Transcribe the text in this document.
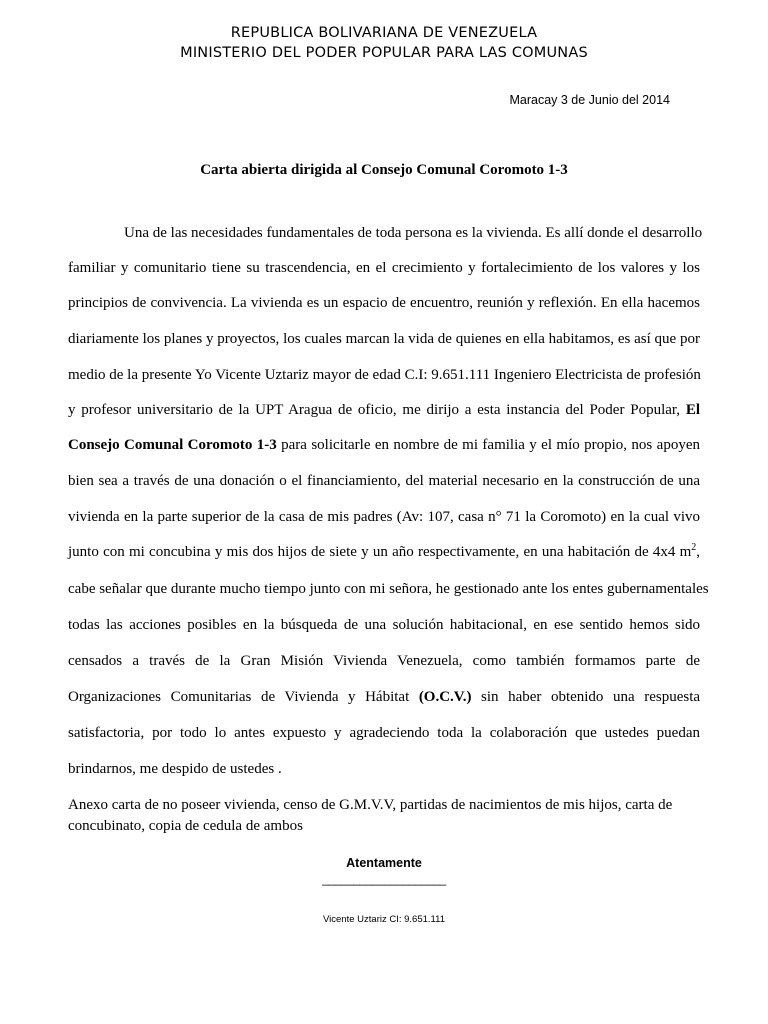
REPUBLICA BOLIVARIANA DE VENEZUELA
MINISTERIO DEL PODER POPULAR PARA LAS COMUNAS
Maracay 3 de Junio del 2014
Carta abierta dirigida al Consejo Comunal Coromoto 1-3
Una de las necesidades fundamentales de toda persona es la vivienda. Es allí donde el desarrollo
familiar y comunitario tiene su trascendencia, en el crecimiento y fortalecimiento de los valores y los
principios de convivencia. La vivienda es un espacio de encuentro, reunión y reflexión. En ella hacemos
diariamente los planes y proyectos, los cuales marcan la vida de quienes en ella habitamos, es así que por
medio de la presente Yo Vicente Uztariz mayor de edad C.I: 9.651.111 Ingeniero Electricista de profesión
y profesor universitario de la UPT Aragua de oficio, me dirijo a esta instancia del Poder Popular, El
Consejo Comunal Coromoto 1-3 para solicitarle en nombre de mi familia y el mío propio, nos apoyen
bien sea a través de una donación o el financiamiento, del material necesario en la construcción de una
vivienda en la parte superior de la casa de mis padres (Av: 107, casa n° 71 la Coromoto) en la cual vivo
junto con mi concubina y mis dos hijos de siete y un año respectivamente, en una habitación de 4x4 $m^2$,
cabe señalar que durante mucho tiempo junto con mi señora, he gestionado ante los entes gubernamentales
todas las acciones posibles en la búsqueda de una solución habitacional, en ese sentido hemos sido
censados a través de la Gran Misión Vivienda Venezuela, como también formamos parte de
Organizaciones Comunitarias de Vivienda y Hábitat (O.C.V.) sin haber obtenido una respuesta
satisfactoria, por todo lo antes expuesto y agradeciendo toda la colaboración que ustedes puedan
brindarnos, me despido de ustedes .
Anexo carta de no poseer vivienda, censo de G.M.V.V, partidas de nacimientos de mis hijos, carta de
concubinato, copia de cedula de ambos
Atentamente
____________________
Vicente Uztariz CI: 9.651.111
